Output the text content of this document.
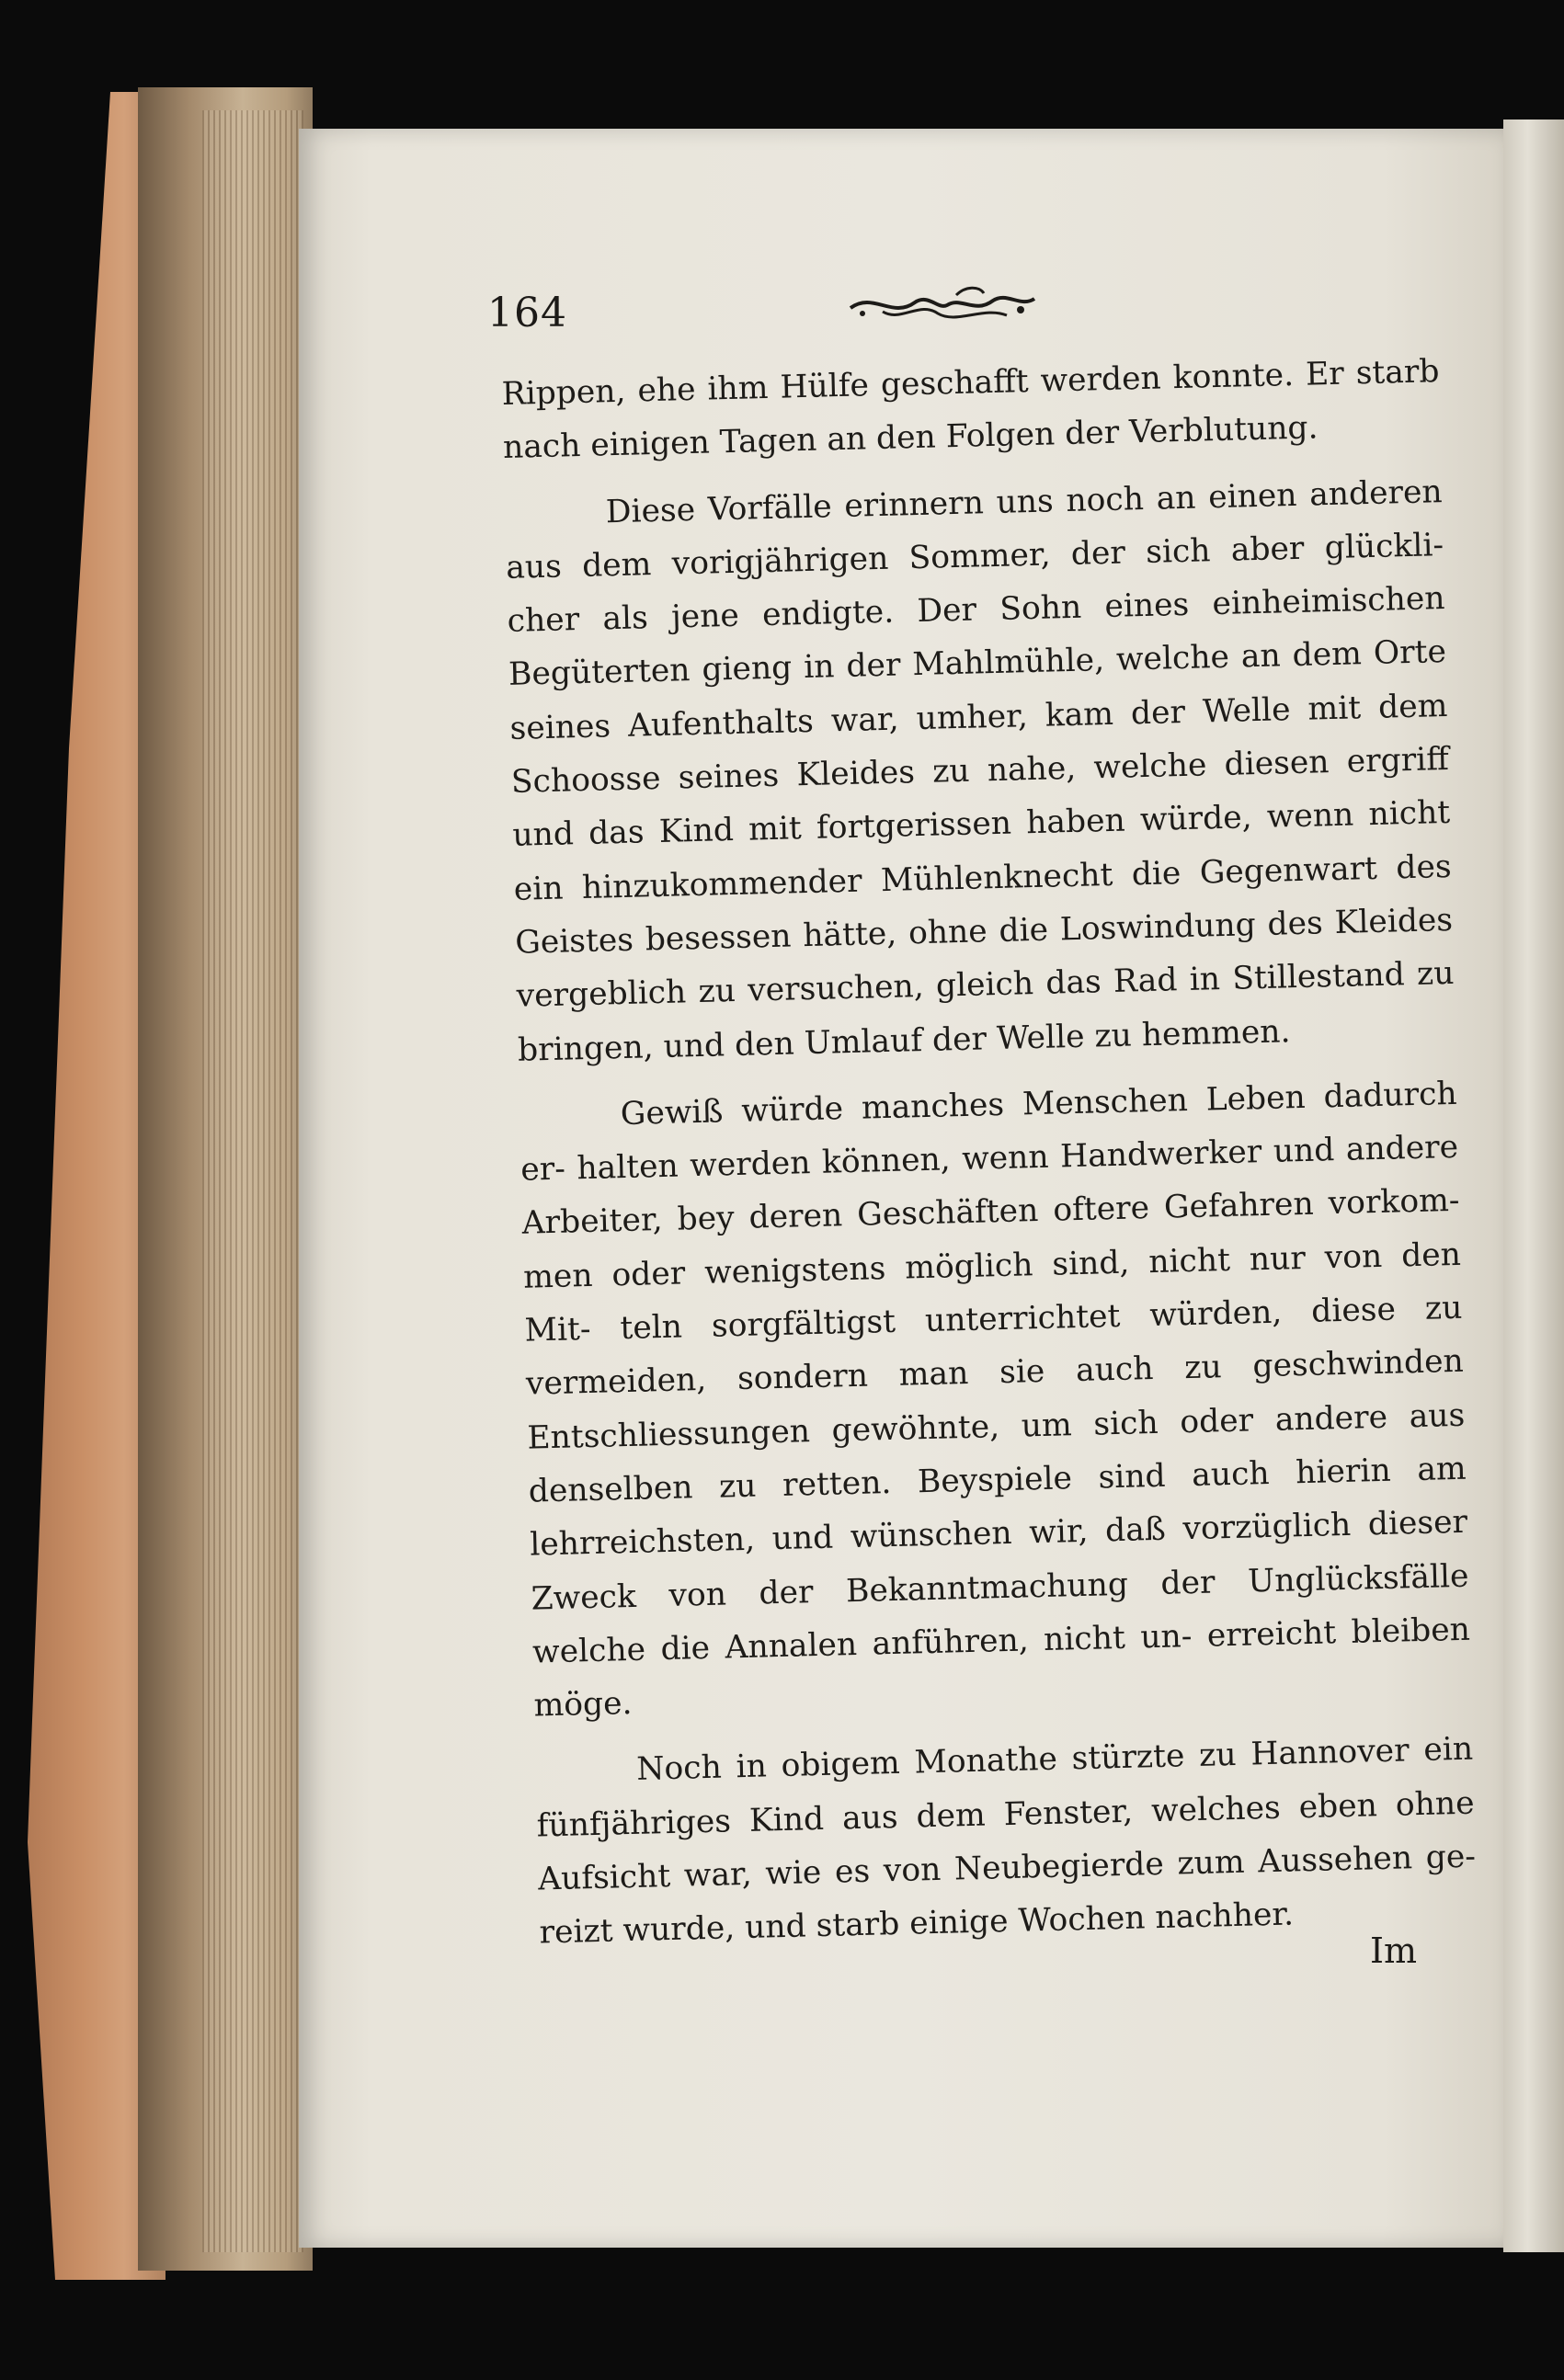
164

Rippen, ehe ihm Hülfe geschafft werden konnte. Er starb nach einigen Tagen an den Folgen der Verblutung.

Diese Vorfälle erinnern uns noch an einen anderen aus dem vorigjährigen Sommer, der sich aber glückli- cher als jene endigte. Der Sohn eines einheimischen Begüterten gieng in der Mahlmühle, welche an dem Orte seines Aufenthalts war, umher, kam der Welle mit dem Schoosse seines Kleides zu nahe, welche diesen ergriff und das Kind mit fortgerissen haben würde, wenn nicht ein hinzukommender Mühlenknecht die Gegenwart des Geistes besessen hätte, ohne die Loswindung des Kleides vergeblich zu versuchen, gleich das Rad in Stillestand zu bringen, und den Umlauf der Welle zu hemmen.

Gewiß würde manches Menschen Leben dadurch er- halten werden können, wenn Handwerker und andere Arbeiter, bey deren Geschäften oftere Gefahren vorkom- men oder wenigstens möglich sind, nicht nur von den Mit- teln sorgfältigst unterrichtet würden, diese zu vermeiden, sondern man sie auch zu geschwinden Entschliessungen gewöhnte, um sich oder andere aus denselben zu retten. Beyspiele sind auch hierin am lehrreichsten, und wünschen wir, daß vorzüglich dieser Zweck von der Bekanntmachung der Unglücksfälle welche die Annalen anführen, nicht un- erreicht bleiben möge.

Noch in obigem Monathe stürzte zu Hannover ein fünfjähriges Kind aus dem Fenster, welches eben ohne Aufsicht war, wie es von Neubegierde zum Aussehen ge- reizt wurde, und starb einige Wochen nachher.	Im
